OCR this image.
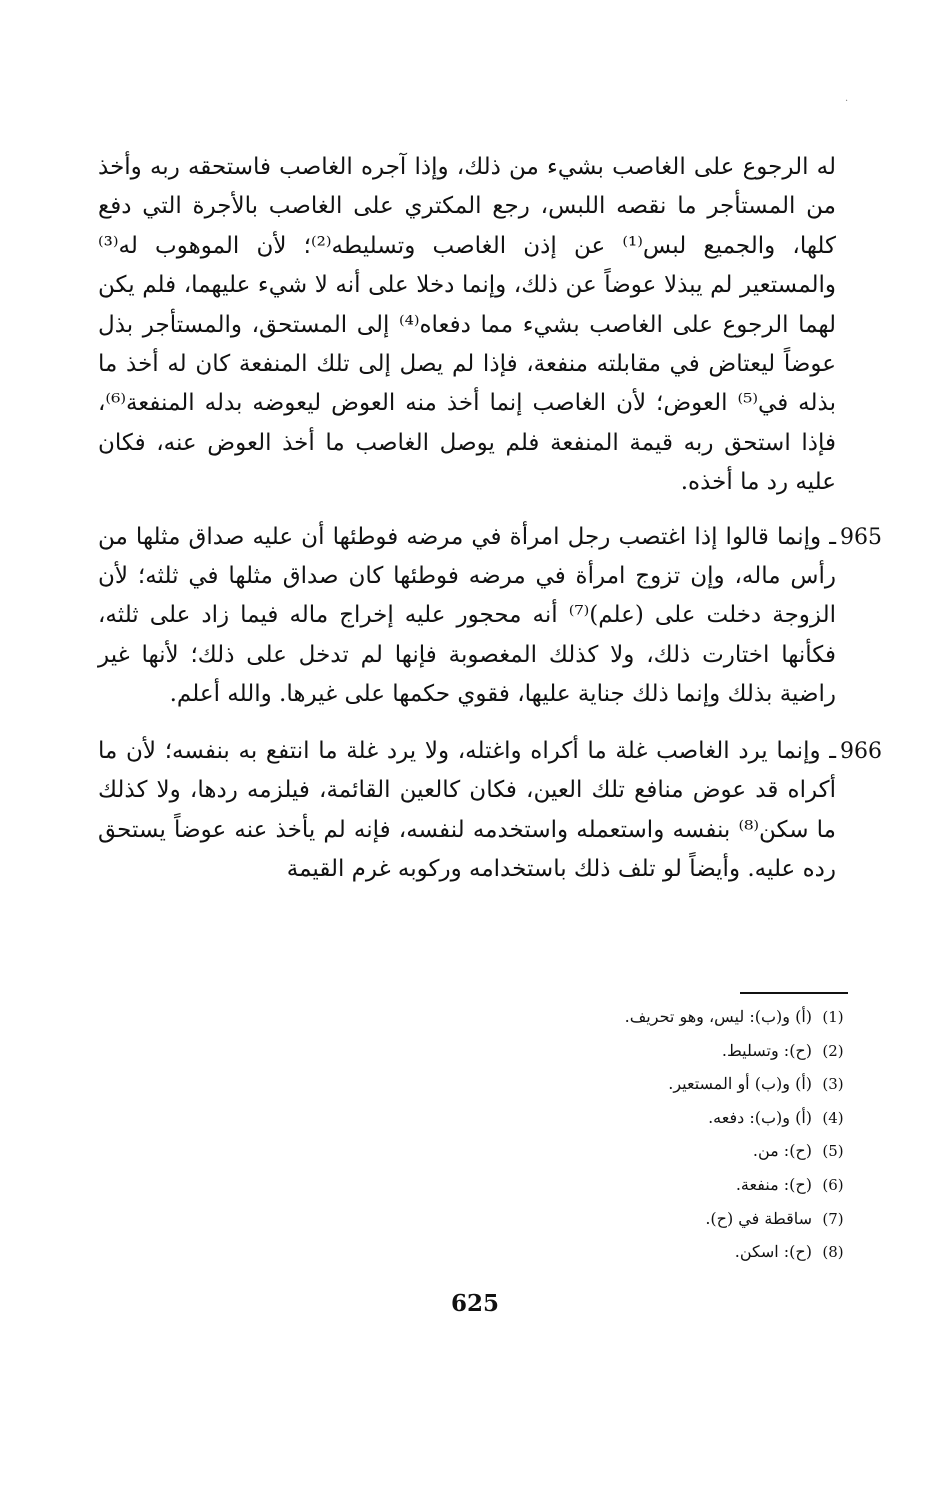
·

له الرجوع على الغاصب بشيء من ذلك، وإذا آجره الغاصب فاستحقه ربه وأخذ من المستأجر ما نقصه اللبس، رجع المكتري على الغاصب بالأجرة التي دفع كلها، والجميع لبس⁽¹⁾ عن إذن الغاصب وتسليطه⁽²⁾؛ لأن الموهوب له⁽³⁾ والمستعير لم يبذلا عوضاً عن ذلك، وإنما دخلا على أنه لا شيء عليهما، فلم يكن لهما الرجوع على الغاصب بشيء مما دفعاه⁽⁴⁾ إلى المستحق، والمستأجر بذل عوضاً ليعتاض في مقابلته منفعة، فإذا لم يصل إلى تلك المنفعة كان له أخذ ما بذله في⁽⁵⁾ العوض؛ لأن الغاصب إنما أخذ منه العوض ليعوضه بدله المنفعة⁽⁶⁾، فإذا استحق ربه قيمة المنفعة فلم يوصل الغاصب ما أخذ العوض عنه، فكان عليه رد ما أخذه.

965
ـ وإنما قالوا إذا اغتصب رجل امرأة في مرضه فوطئها أن عليه صداق مثلها من رأس ماله، وإن تزوج امرأة في مرضه فوطئها كان صداق مثلها في ثلثه؛ لأن الزوجة دخلت على (علم)⁽⁷⁾ أنه محجور عليه إخراج ماله فيما زاد على ثلثه، فكأنها اختارت ذلك، ولا كذلك المغصوبة فإنها لم تدخل على ذلك؛ لأنها غير راضية بذلك وإنما ذلك جناية عليها، فقوي حكمها على غيرها. والله أعلم.

966
ـ وإنما يرد الغاصب غلة ما أكراه واغتله، ولا يرد غلة ما انتفع به بنفسه؛ لأن ما أكراه قد عوض منافع تلك العين، فكان كالعين القائمة، فيلزمه ردها، ولا كذلك ما سكن⁽⁸⁾ بنفسه واستعمله واستخدمه لنفسه، فإنه لم يأخذ عنه عوضاً يستحق رده عليه. وأيضاً لو تلف ذلك باستخدامه وركوبه غرم القيمة

(1)(أ) و(ب): ليس، وهو تحريف.
(2)(ح): وتسليط.
(3)(أ) و(ب) أو المستعير.
(4)(أ) و(ب): دفعه.
(5)(ح): من.
(6)(ح): منفعة.
(7)ساقطة في (ح).
(8)(ح): اسكن.
625
